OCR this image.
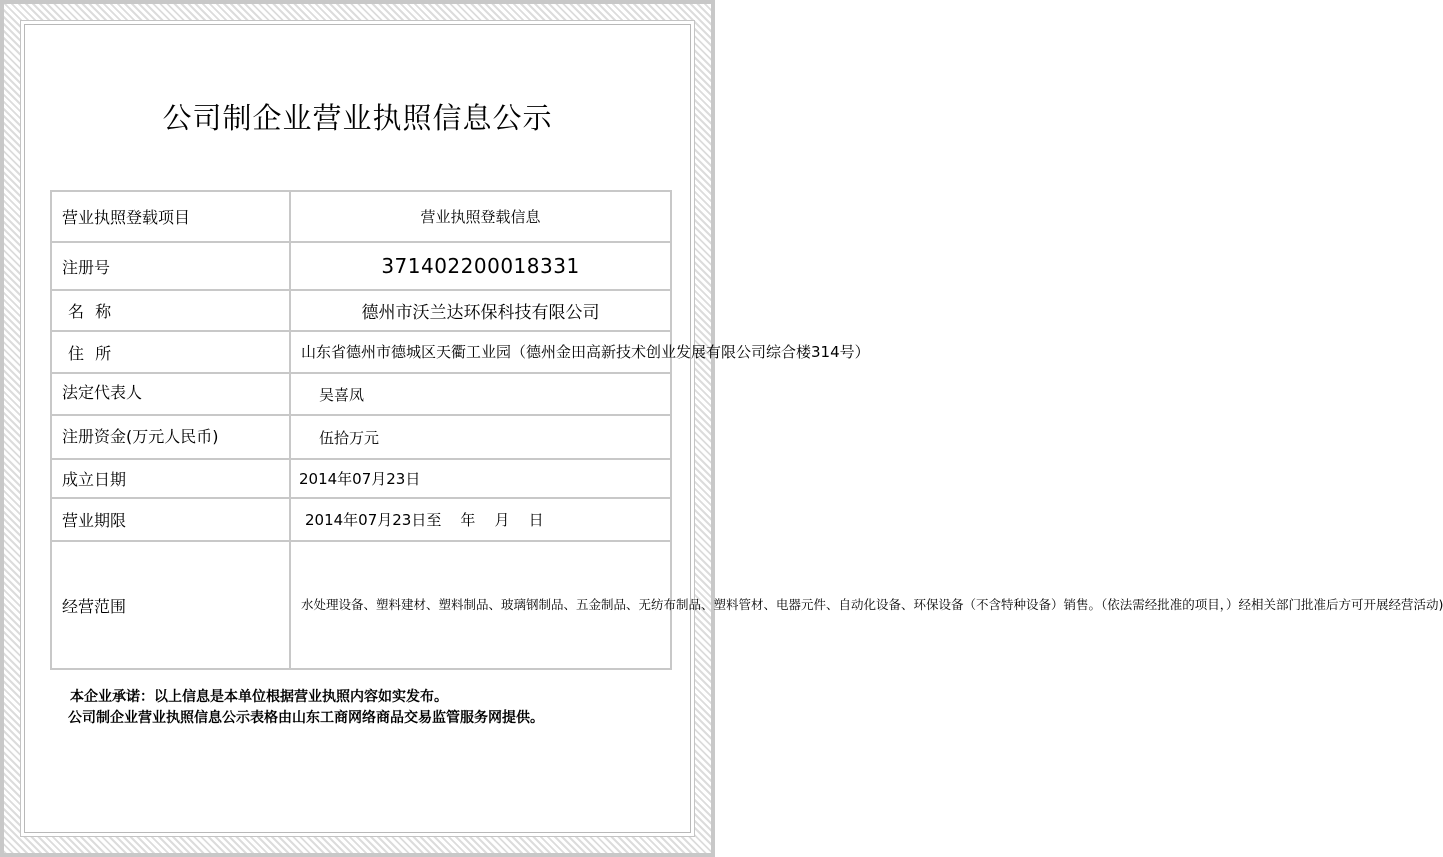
公司制企业营业执照信息公示
营业执照登载项目	营业执照登载信息
注册号	371402200018331
名 称	德州市沃兰达环保科技有限公司
住 所	山东省德州市德城区天衢工业园（德州金田高新技术创业发展有限公司综合楼314号）
法定代表人	吴喜凤
注册资金(万元人民币)	伍拾万元
成立日期	2014年07月23日
营业期限	2014年07月23日至    年    月    日
经营范围	水处理设备、塑料建材、塑料制品、玻璃钢制品、五金制品、无纺布制品、塑料管材、电器元件、自动化设备、环保设备（不含特种设备）销售。（依法需经批准的项目，）经相关部门批准后方可开展经营活动)
本企业承诺：以上信息是本单位根据营业执照内容如实发布。
公司制企业营业执照信息公示表格由山东工商网络商品交易监管服务网提供。
